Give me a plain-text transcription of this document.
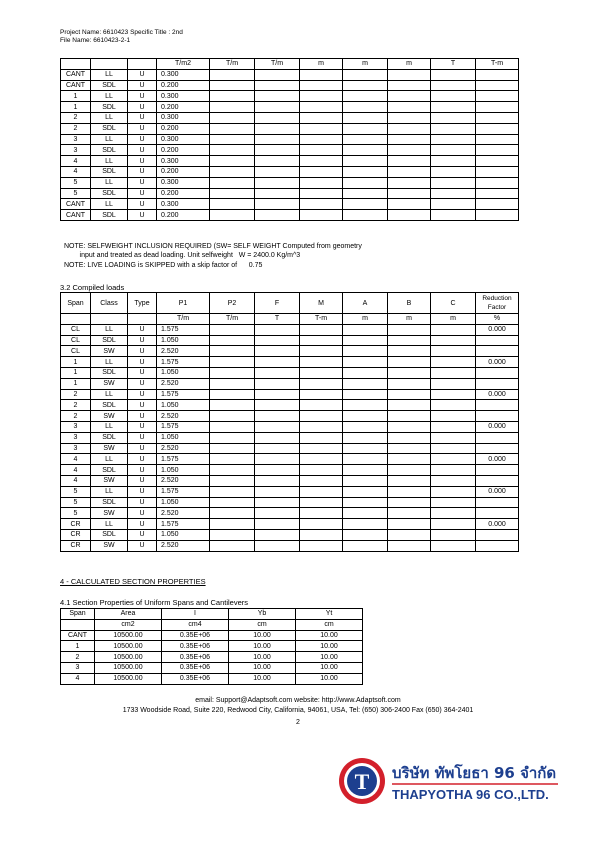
Project Name: 6610423 Specific Title : 2nd
File Name: 6610423-2-1
			T/m2	T/m	T/m	m	m	m	T	T-m
CANT	LL	U	0.300							
CANT	SDL	U	0.200							
1	LL	U	0.300							
1	SDL	U	0.200							
2	LL	U	0.300							
2	SDL	U	0.200							
3	LL	U	0.300							
3	SDL	U	0.200							
4	LL	U	0.300							
4	SDL	U	0.200							
5	LL	U	0.300							
5	SDL	U	0.200							
CANT	LL	U	0.300							
CANT	SDL	U	0.200							
NOTE: SELFWEIGHT INCLUSION REQUIRED (SW= SELF WEIGHT Computed from geometry
input and treated as dead loading. Unit selfweight   W = 2400.0 Kg/m^3
NOTE: LIVE LOADING is SKIPPED with a skip factor of      0.75
3.2 Compiled loads
Span	Class	Type	P1	P2	F	M	A	B	C	Reduction Factor
			T/m	T/m	T	T-m	m	m	m	%
CL	LL	U	1.575							0.000
CL	SDL	U	1.050							
CL	SW	U	2.520							
1	LL	U	1.575							0.000
1	SDL	U	1.050							
1	SW	U	2.520							
2	LL	U	1.575							0.000
2	SDL	U	1.050							
2	SW	U	2.520							
3	LL	U	1.575							0.000
3	SDL	U	1.050							
3	SW	U	2.520							
4	LL	U	1.575							0.000
4	SDL	U	1.050							
4	SW	U	2.520							
5	LL	U	1.575							0.000
5	SDL	U	1.050							
5	SW	U	2.520							
CR	LL	U	1.575							0.000
CR	SDL	U	1.050							
CR	SW	U	2.520							
4 - CALCULATED SECTION PROPERTIES
4.1 Section Properties of Uniform Spans and Cantilevers
Span	Area	I	Yb	Yt
	cm2	cm4	cm	cm
CANT	10500.00	0.35E+06	10.00	10.00
1	10500.00	0.35E+06	10.00	10.00
2	10500.00	0.35E+06	10.00	10.00
3	10500.00	0.35E+06	10.00	10.00
4	10500.00	0.35E+06	10.00	10.00
email: Support@Adaptsoft.com website: http://www.Adaptsoft.com
1733 Woodside Road, Suite 220, Redwood City, California, 94061, USA, Tel: (650) 306-2400 Fax (650) 364-2401
2
T บริษัท ทัพโยธา 96 จำกัด
THAPYOTHA 96 CO.,LTD.
